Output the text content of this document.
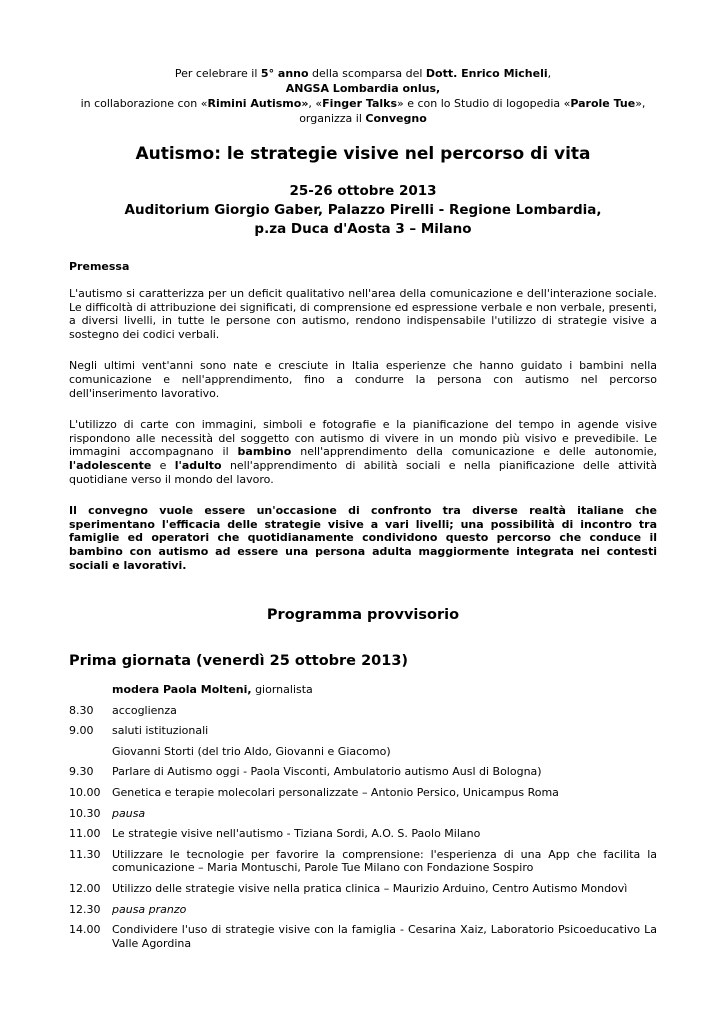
Per celebrare il 5° anno della scomparsa del Dott. Enrico Micheli,
ANGSA Lombardia onlus,
in collaborazione con «Rimini Autismo», «Finger Talks» e con lo Studio di logopedia «Parole Tue»,
organizza il Convegno
Autismo: le strategie visive nel percorso di vita
25-26 ottobre 2013
Auditorium Giorgio Gaber, Palazzo Pirelli - Regione Lombardia,
p.za Duca d'Aosta 3 – Milano
Premessa
L'autismo si caratterizza per un deficit qualitativo nell'area della comunicazione e dell'interazione sociale. Le difficoltà di attribuzione dei significati, di comprensione ed espressione verbale e non verbale, presenti, a diversi livelli, in tutte le persone con autismo, rendono indispensabile l'utilizzo di strategie visive a sostegno dei codici verbali.
Negli ultimi vent'anni sono nate e cresciute in Italia esperienze che hanno guidato i bambini nella comunicazione e nell'apprendimento, fino a condurre la persona con autismo nel percorso dell'inserimento lavorativo.
L'utilizzo di carte con immagini, simboli e fotografie e la pianificazione del tempo in agende visive rispondono alle necessità del soggetto con autismo di vivere in un mondo più visivo e prevedibile. Le immagini accompagnano il bambino nell'apprendimento della comunicazione e delle autonomie, l'adolescente e l'adulto nell'apprendimento di abilità sociali e nella pianificazione delle attività quotidiane verso il mondo del lavoro.
Il convegno vuole essere un'occasione di confronto tra diverse realtà italiane che sperimentano l'efficacia delle strategie visive a vari livelli; una possibilità di incontro tra famiglie ed operatori che quotidianamente condividono questo percorso che conduce il bambino con autismo ad essere una persona adulta maggiormente integrata nei contesti sociali e lavorativi.
Programma provvisorio
Prima giornata (venerdì 25 ottobre 2013)
modera Paola Molteni, giornalista
8.30	accoglienza
9.00	saluti istituzionali
Giovanni Storti (del trio Aldo, Giovanni e Giacomo)
9.30	Parlare di Autismo oggi - Paola Visconti, Ambulatorio autismo Ausl di Bologna)
10.00	Genetica e terapie molecolari personalizzate – Antonio Persico, Unicampus Roma
10.30	pausa
11.00	Le strategie visive nell'autismo - Tiziana Sordi, A.O. S. Paolo Milano
11.30	Utilizzare le tecnologie per favorire la comprensione: l'esperienza di una App che facilita la comunicazione – Maria Montuschi, Parole Tue Milano con Fondazione Sospiro
12.00	Utilizzo delle strategie visive nella pratica clinica – Maurizio Arduino, Centro Autismo Mondovì
12.30	pausa pranzo
14.00	Condividere l'uso di strategie visive con la famiglia - Cesarina Xaiz, Laboratorio Psicoeducativo La Valle Agordina
